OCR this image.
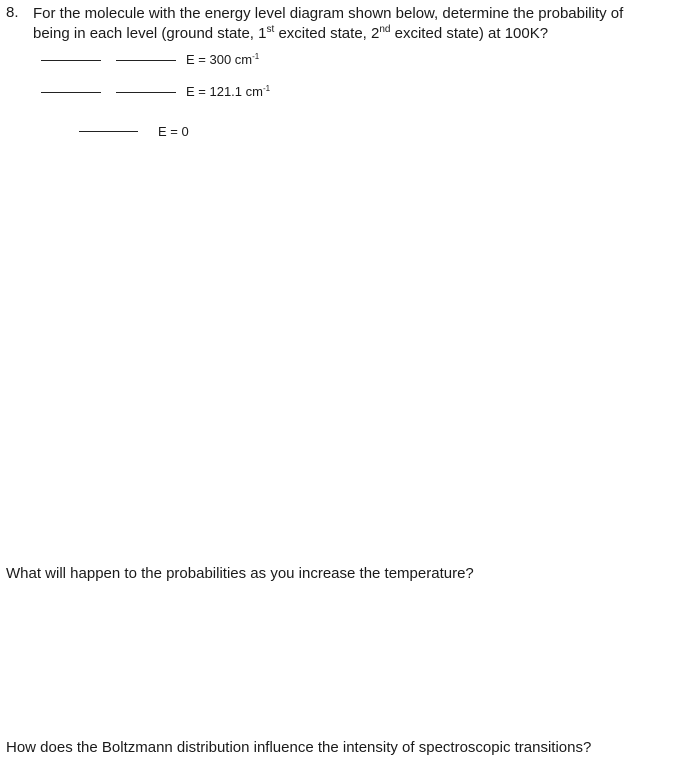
8. For the molecule with the energy level diagram shown below, determine the probability of
being in each level (ground state, 1st excited state, 2nd excited state) at 100K?
E = 300 $cm^{-1}$
E = 121.1 $cm^{-1}$
E = 0
What will happen to the probabilities as you increase the temperature?
How does the Boltzmann distribution influence the intensity of spectroscopic transitions?
